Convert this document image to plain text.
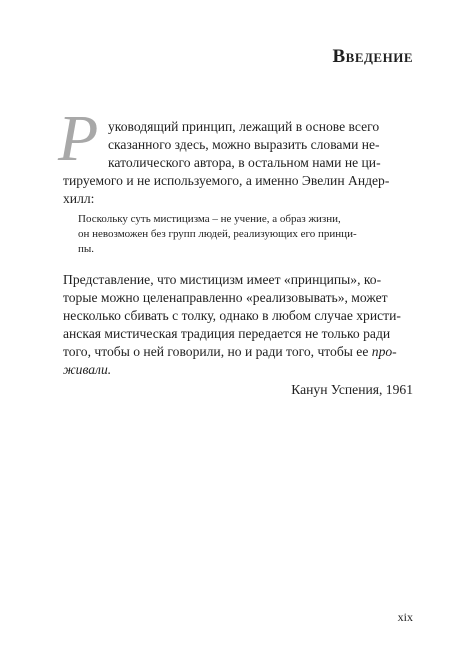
Введение
Р уководящий принцип, лежащий в основе всего
сказанного здесь, можно выразить словами не-
католического автора, в остальном нами не ци-
тируемого и не используемого, а именно Эвелин Андер-
хилл:
Поскольку суть мистицизма – не учение, а образ жизни,
он невозможен без групп людей, реализующих его принци-
пы.
Представление, что мистицизм имеет «принципы», ко-
торые можно целенаправленно «реализовывать», может
несколько сбивать с толку, однако в любом случае христи-
анская мистическая традиция передается не только ради
того, чтобы о ней говорили, но и ради того, чтобы ее про-
живали.
Канун Успения, 1961
xix
